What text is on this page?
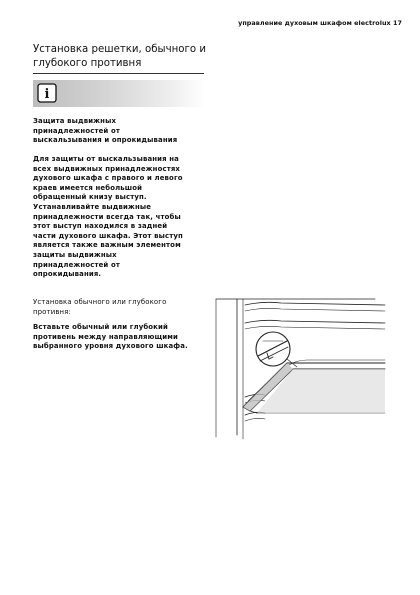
управление духовым шкафом electrolux 17
Установка решетки, обычного и
глубокого противня
i

Защита выдвижных
принадлежностей от
выскальзывания и опрокидывания

Для защиты от выскальзывания на
всех выдвижных принадлежностях
духового шкафа с правого и левого
краев имеется небольшой
обращенный книзу выступ.
Устанавливайте выдвижные
принадлежности всегда так, чтобы
этот выступ находился в задней
части духового шкафа. Этот выступ
является также важным элементом
защиты выдвижных
принадлежностей от
опрокидывания.

Установка обычного или глубокого
противня:

Вставьте обычный или глубокий
противень между направляющими
выбранного уровня духового шкафа.
